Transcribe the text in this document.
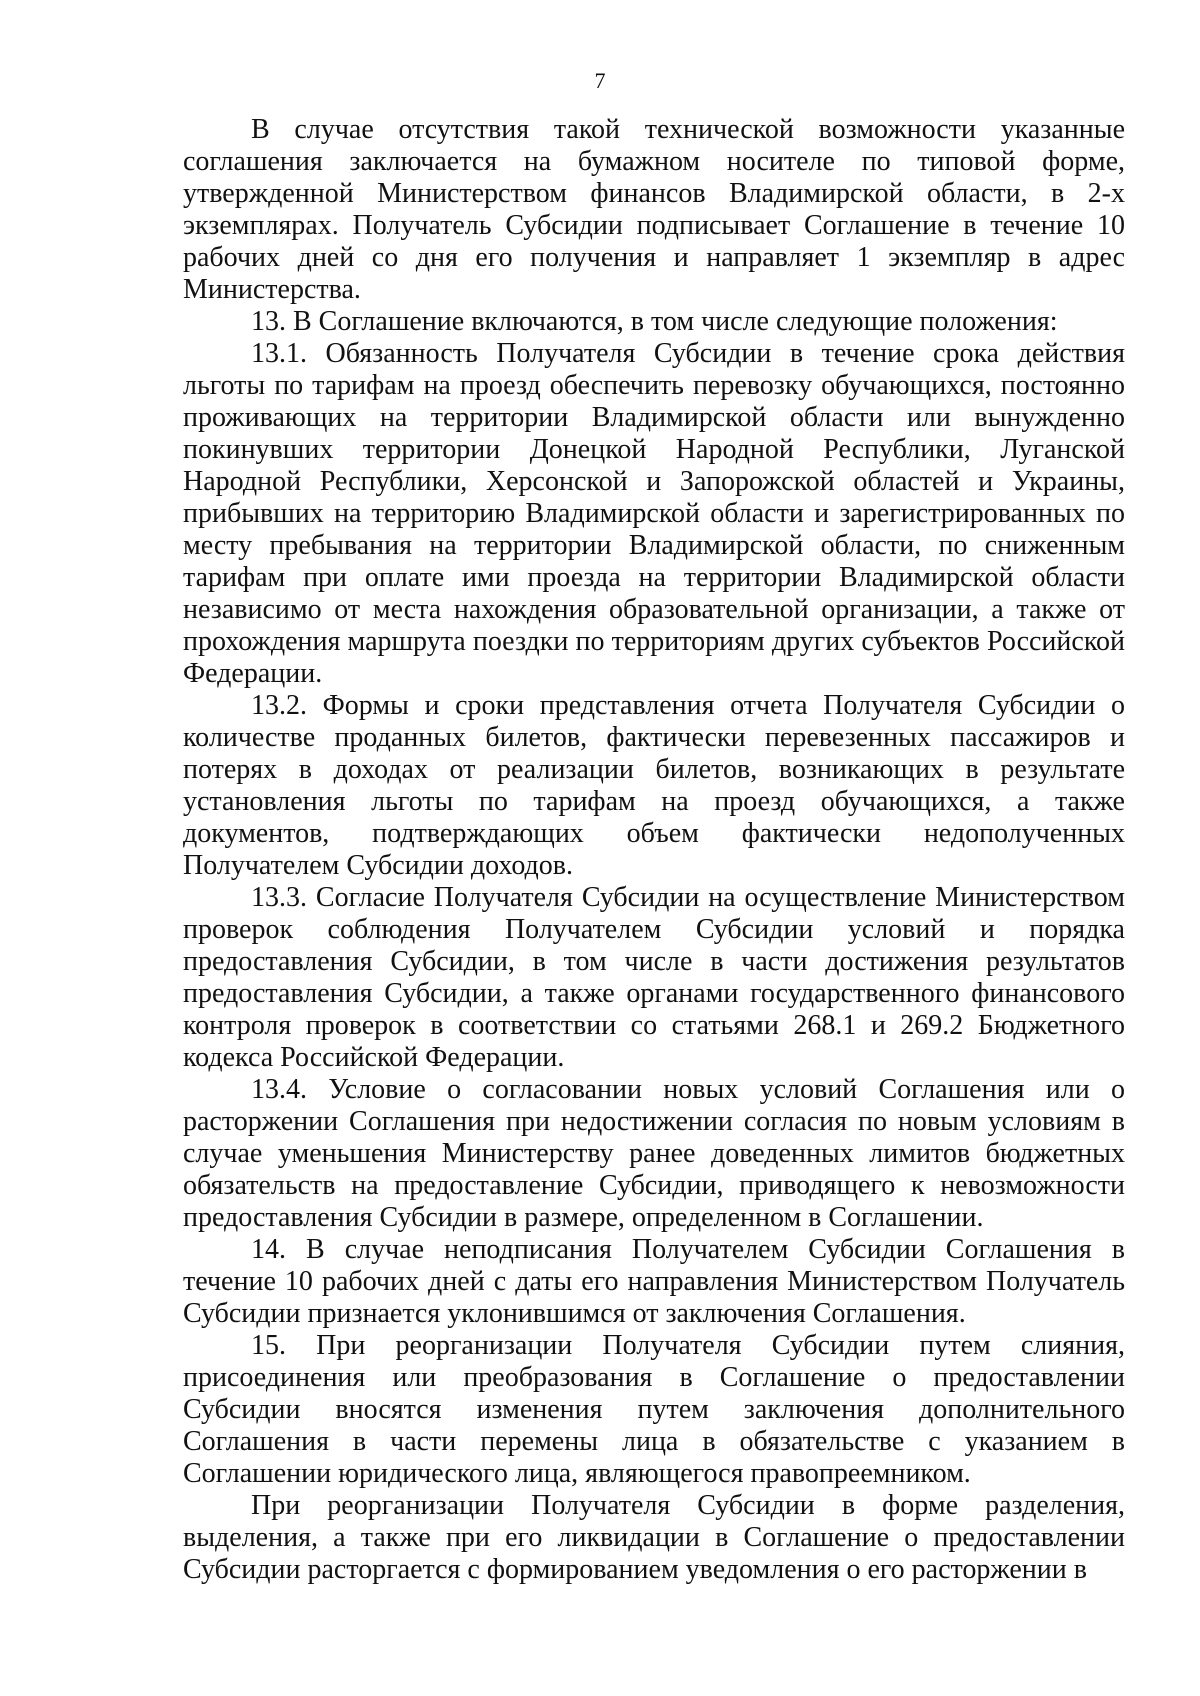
7

В случае отсутствия такой технической возможности указанные соглашения заключается на бумажном носителе по типовой форме, утвержденной Министерством финансов Владимирской области, в 2-х экземплярах. Получатель Субсидии подписывает Соглашение в течение 10 рабочих дней со дня его получения и направляет 1 экземпляр в адрес Министерства.

13. В Соглашение включаются, в том числе следующие положения:

13.1. Обязанность Получателя Субсидии в течение срока действия льготы по тарифам на проезд обеспечить перевозку обучающихся, постоянно проживающих на территории Владимирской области или вынужденно покинувших территории Донецкой Народной Республики, Луганской Народной Республики, Херсонской и Запорожской областей и Украины, прибывших на территорию Владимирской области и зарегистрированных по месту пребывания на территории Владимирской области, по сниженным тарифам при оплате ими проезда на территории Владимирской области независимо от места нахождения образовательной организации, а также от прохождения маршрута поездки по территориям других субъектов Российской Федерации.

13.2. Формы и сроки представления отчета Получателя Субсидии о количестве проданных билетов, фактически перевезенных пассажиров и потерях в доходах от реализации билетов, возникающих в результате установления льготы по тарифам на проезд обучающихся, а также документов, подтверждающих объем фактически недополученных Получателем Субсидии доходов.

13.3. Согласие Получателя Субсидии на осуществление Министерством проверок соблюдения Получателем Субсидии условий и порядка предоставления Субсидии, в том числе в части достижения результатов предоставления Субсидии, а также органами государственного финансового контроля проверок в соответствии со статьями 268.1 и 269.2 Бюджетного кодекса Российской Федерации.

13.4. Условие о согласовании новых условий Соглашения или о расторжении Соглашения при недостижении согласия по новым условиям в случае уменьшения Министерству ранее доведенных лимитов бюджетных обязательств на предоставление Субсидии, приводящего к невозможности предоставления Субсидии в размере, определенном в Соглашении.

14. В случае неподписания Получателем Субсидии Соглашения в течение 10 рабочих дней с даты его направления Министерством Получатель Субсидии признается уклонившимся от заключения Соглашения.

15. При реорганизации Получателя Субсидии путем слияния, присоединения или преобразования в Соглашение о предоставлении Субсидии вносятся изменения путем заключения дополнительного Соглашения в части перемены лица в обязательстве с указанием в Соглашении юридического лица, являющегося правопреемником.

При реорганизации Получателя Субсидии в форме разделения, выделения, а также при его ликвидации в Соглашение о предоставлении Субсидии расторгается с формированием уведомления о его расторжении в
